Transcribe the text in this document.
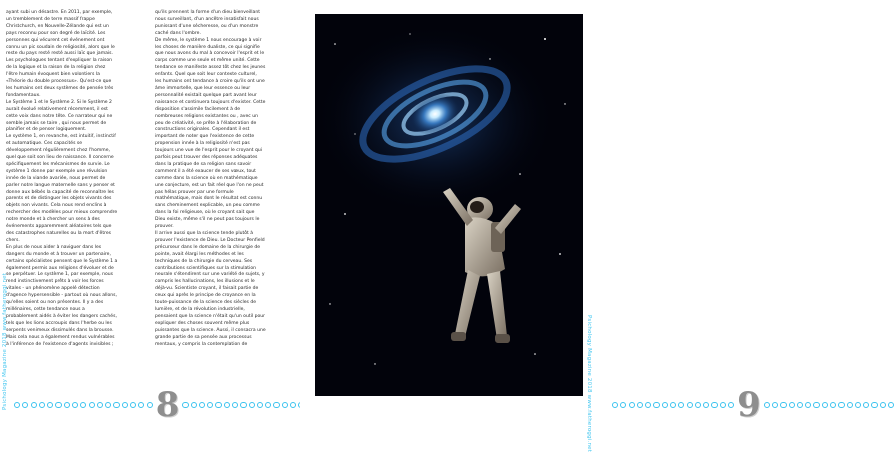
ayant subi un désastre. En 2011, par exemple,

un tremblement de terre massif frappe

Christchurch, en Nouvelle-Zélande qui est un

pays reconnu pour son degré de laïcité. Les

personnes qui vécurent cet événement ont

connu un pic soudain de religiosité, alors que le

reste du pays resté resté aussi laïc que jamais.

Les psychologues tentant d'expliquer la raison

de la logique et la raison de la religion chez

l'être humain évoquent bien volontiers la

«Théorie du double processus». Qu'est-ce que

les humains ont deux systèmes de pensée très

fondamentaux.

Le Système 1 et le Système 2. Si le Système 2

aurait évolué relativement récemment, il est

cette voix dans notre tête. Ce narrateur qui ne

semble jamais se taire , qui nous permet de

planifier et de penser logiquement.

Le système 1, en revanche, est intuitif, instinctif

et automatique. Ces capacités se

développement régulièrement chez l'homme,

quel que soit son lieu de naissance. Il concerne

spécifiquement les mécanismes de survie. Le

système 1 donne par exemple une révulsion

innée de la viande avariée, nous permet de

parler notre langue maternelle sans y penser et

donne aux bébés la capacité de reconnaître les

parents et de distinguer les objets vivants des

objets non vivants. Cela nous rend enclins à

rechercher des modèles pour mieux comprendre

notre monde et à chercher un sens à des

événements apparemment aléatoires tels que

des catastrophes naturelles ou la mort d'êtres

chers.

En plus de nous aider à naviguer dans les

dangers du monde et à trouver un partenaire,

certains spécialistes pensent que le Système 1 a

également permis aux religions d'évoluer et de

se perpétuer. Le système 1, par exemple, nous

rend instinctivement prêts à voir les forces

vitales - un phénomène appelé détection

d'agence hypersensible - partout où nous allons,

qu'elles soient ou non présentes. Il y a des

millénaires, cette tendance nous a

probablement aidés à éviter les dangers cachés,

tels que les lions accroupis dans l'herbe ou les

serpents venimeux dissimulés dans la brousse.

Mais cela nous a également rendus vulnérables

à l'inférence de l'existence d'agents invisibles ;

qu'ils prennent la forme d'un dieu bienveillant

nous surveillant, d'un ancêtre insatisfait nous

punissant d'une sécheresse, ou d'un monstre

caché dans l'ombre.

De même, le système 1 nous encourage à voir

les choses de manière dualiste, ce qui signifie

que nous avons du mal à concevoir l'esprit et le

corps comme une seule et même unité. Cette

tendance se manifeste assez tôt chez les jeunes

enfants. Quel que soit leur contexte culturel,

les humains ont tendance à croire qu'ils ont une

âme immortelle, que leur essence ou leur

personnalité existait quelque part avant leur

naissance et continuera toujours d'exister. Cette

disposition s'assimile facilement à de

nombreuses religions existantes ou , avec un

peu de créativité, se prête à l'élaboration de

constructions originales. Cependant il est

important de noter que l'existence de cette

propension innée à la religiosité n'est pas

toujours une vue de l'esprit pour le croyant qui

parfois peut trouver des réponses adéquates

dans la pratique de sa religion sans savoir

comment il a été exaucer de ses vœux, tout

comme dans la science où en mathématique

une conjecture, est un fait réel que l'on ne peut

pas hélas prouver par une formule

mathématique, mais dont le résultat est connu

sans cheminement explicable, un peu comme

dans la foi religieuse, où le croyant sait que

Dieu existe, même s'il ne peut pas toujours le

prouver.

Il arrive aussi que la science tende plutôt à

prouver l'existence de Dieu. Le Docteur Penfield

précurseur dans le domaine de la chirurgie de

pointe, avait élargi les méthodes et les

techniques de la chirurgie du cerveau. Ses

contributions scientifiques sur la stimulation

neurale s'étendirent sur une variété de sujets, y

compris les hallucinations, les illusions et le

déjà-vu. Scientiste croyant, il faisait partie de

ceux qui après le principe de croyance en la

toute-puissance de la science des siècles de

lumière, et de la révolution industrielle,

pensaient que la science n'était qu'un outil pour

expliquer des choses souvent même plus

puissantes que la science. Aussi, il consacra une

grande partie de sa pensée aux processus

mentaux, y compris la contemplation de

Psichology Magazine 2018 www.fatheroggi.net	8	9
Psichology Magazine 2018 www.fatheroggi.net
